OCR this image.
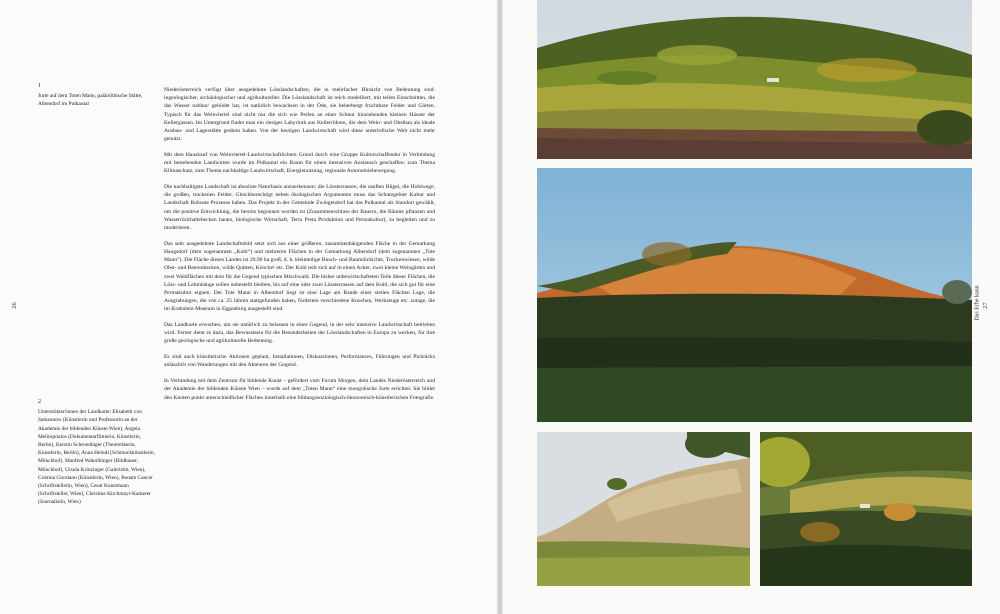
1
Jurte auf dem Toten Mann, paläolithische Stätte, Albendorf im Pulkautal
26
2
Unterstützer/innen der Landkarte: Elisabeth von Samsonow (Künstlerin und Professorin an der Akademie der bildenden Künste Wien), Angela Melitopoulos (Dokumentarfilmerin, Künstlerin, Berlin), Kerstin Schroedinger (Theoretikerin, Künstlerin, Berlin), Anna Heindl (Schmuckkünstlerin, Mönchhof), Manfred Wakolbinger (Bildhauer, Mönchhof), Ursula Krinzinger (Galeristin, Wien), Cristina Giordano (Künstlerin, Wien), Renate Cancer (Schriftstellerin, Wien), Cesar Kunstmann (Schriftsteller, Wien), Christine Kirchmayr-Kamerer (Journalistin, Wien)

Niederösterreich verfügt über ausgedehnte Lösslandschaften, die in mehrfacher Hinsicht von Bedeutung sind: ingeologischer, archäologischer und agrikultureller. Die Lösslandschaft ist reich modelliert, mit teilen Einschnitten, die das Wasser nahbar/ gebildet hat, ist natürlich bewachsen in der Öde, sie beherbergt fruchtbare Felder und Gärten. Typisch für das Weinviertel sind nicht nur die sich wie Perlen an einer Schnur hinziehenden kleinen Häuser der Kellergassen. Im Untergrund findet man ein riesiges Labyrinth aus Kellerröhren, die dem Wein- und Obstbau als ideale Ausbau- und Lagerstätte gedient haben. Von der heutigen Landwirtschaft wird diese unterirdische Welt nicht mehr genutzt.

Mit dem Hauskauf von Weinviertel-Landwirtschaftlichem Grund durch eine Gruppe Kulturschaffender in Verbindung mit bestehenden Landwirten wurde im Pulkautal ein Raum für einen intensiven Austausch geschaffen: zum Thema Klimaschutz, zum Thema nachhaltige Landwirtschaft, Energienutzung, regionale Autonomiebewegung.

Die nachhaltigste Landschaft ist absolute Naturbasis anzuerkennen: die Lössterrassen, die sanften Hügel, die Hohlwege, die großen, trockenen Felder. Gleichberechtigt neben ökologischen Argumenten muss das Schutzgebiet Kultur und Landschaft Robuste Prozesse haben. Das Projekt in der Gemeinde Zwingendorf hat das Pulkautal als Standort gewählt, um die positive Entwicklung, die bereits begonnen worden ist (Zusammenschluss der Bauern, die Bäume pflanzen und Wasserrückhaltebecken bauen, biologische Wirtschaft, Terra Preta Produktion und Permakultur), zu begleiten und zu moderieren.

Das sehr ausgedehnte Landschaftsbild setzt sich aus einer größeren, zusammenhängenden Fläche in der Gemarkung Haugsdorf (dem sogenannten „Kobl“) und mehreren Flächen in der Gemarkung Albendorf (dem sogenannten „Tote Mann“). Die Fläche dieses Landes ist 20,90 ha groß, d. h. kleinteilige Busch- und Baumdickichte, Trockenwiesen, wilde Obst- und Beerenhecken, wilde Quitten, Kirsche! etc. Der Kobl teilt sich auf in einen Acker, zwei kleine Weingärten und zwei Waldflächen mit dem für die Gegend typischen Mischwald. Die bisher unbewirtschafteten Teile dieser Flächen, die Löss- und Lehmhänge sollen unbestellt bleiben, bis auf eine oder zwei Lössterrassen auf dem Kobl, die sich gut für eine Permakultur eignen. Der Tote Mann in Albendorf liegt ist eine Lage am Rande einer steilen Flächen Lage, die Ausgrabungen, die von ca. 25 Jahren stattgefunden haben, förderten verschiedene Knochen, Werkzeuge etc. zutage, die im Krahuletz-Museum in Eggenburg ausgestellt sind.

Das Landkarte erworben, um sie natürlich zu belassen in einer Gegend, in der sehr intensive Landwirtschaft betrieben wird. Ferner dient es dazu, das Bewusstsein für die Besonderheiten der Lösslandschaften in Europa zu wecken, für ihre große geologische und agrikulturelle Bedeutung.

Es sind auch künstlerische Aktionen geplant, Installationen, Diskussionen, Performances, Führungen und Picknicks anlässlich von Wanderungen mit den Akteuren der Gegend.

In Verbindung mit dem Zentrum für bildende Kunst – gefördert vom Forum Morgen, dem Landes Niederösterreich und der Akademie der bildenden Künste Wien – wurde auf dem „Toten Mann“ eine mongolische Jurte errichtet. Sie bildet den Knoten punkt unterschiedlicher Flächen innerhalb eine bildungssoziologisch-ökonomisch-künstlerischen Fotografie.

Das Erbe kann 27
